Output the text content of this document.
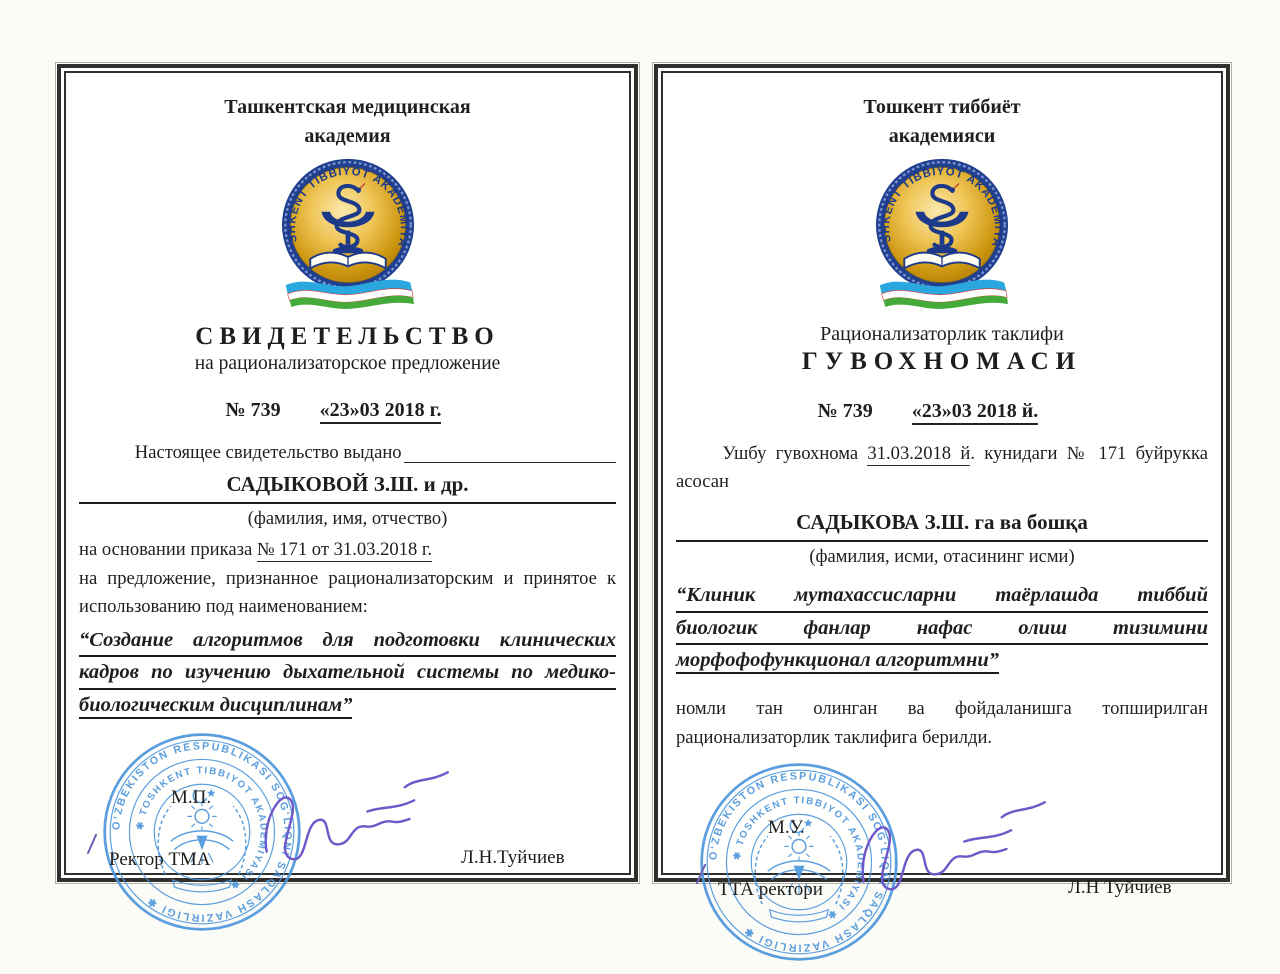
Ташкентская медицинская
академия
СВИДЕТЕЛЬСТВО
на рационализаторское предложение
№ 739 «23»03 2018 г.

Настоящее свидетельство выдано
САДЫКОВОЙ З.Ш. и др.
(фамилия, имя, отчество)
на основании приказа № 171 от 31.03.2018 г.
на предложение, признанное рационализаторским и принятое к
использованию под наименованием:
“Создание алгоритмов для подготовки клинических
кадров по изучению дыхательной системы по медико-
биологическим дисциплинам”
М.П.
Ректор ТМА	Л.Н.Туйчиев
Тошкент тиббиёт
академияси
Рационализаторлик таклифи
ГУВОХНОМАСИ
№ 739 «23»03 2018 й.
   Ушбу гувохнома 31.03.2018 й. кунидаги № 171 буйрукка
асосан
САДЫКОВА З.Ш. га ва бошқа
(фамилия, исми, отасининг исми)
“Клиник мутахассисларни таёрлашда тиббий
биологик фанлар нафас олиш тизимини
морфофофункционал алгоритмни”
номли тан олинган ва фойдаланишга топширилган
рационализаторлик таклифига берилди.
М.У.
ТТА ректори	Л.Н Туйчиев
